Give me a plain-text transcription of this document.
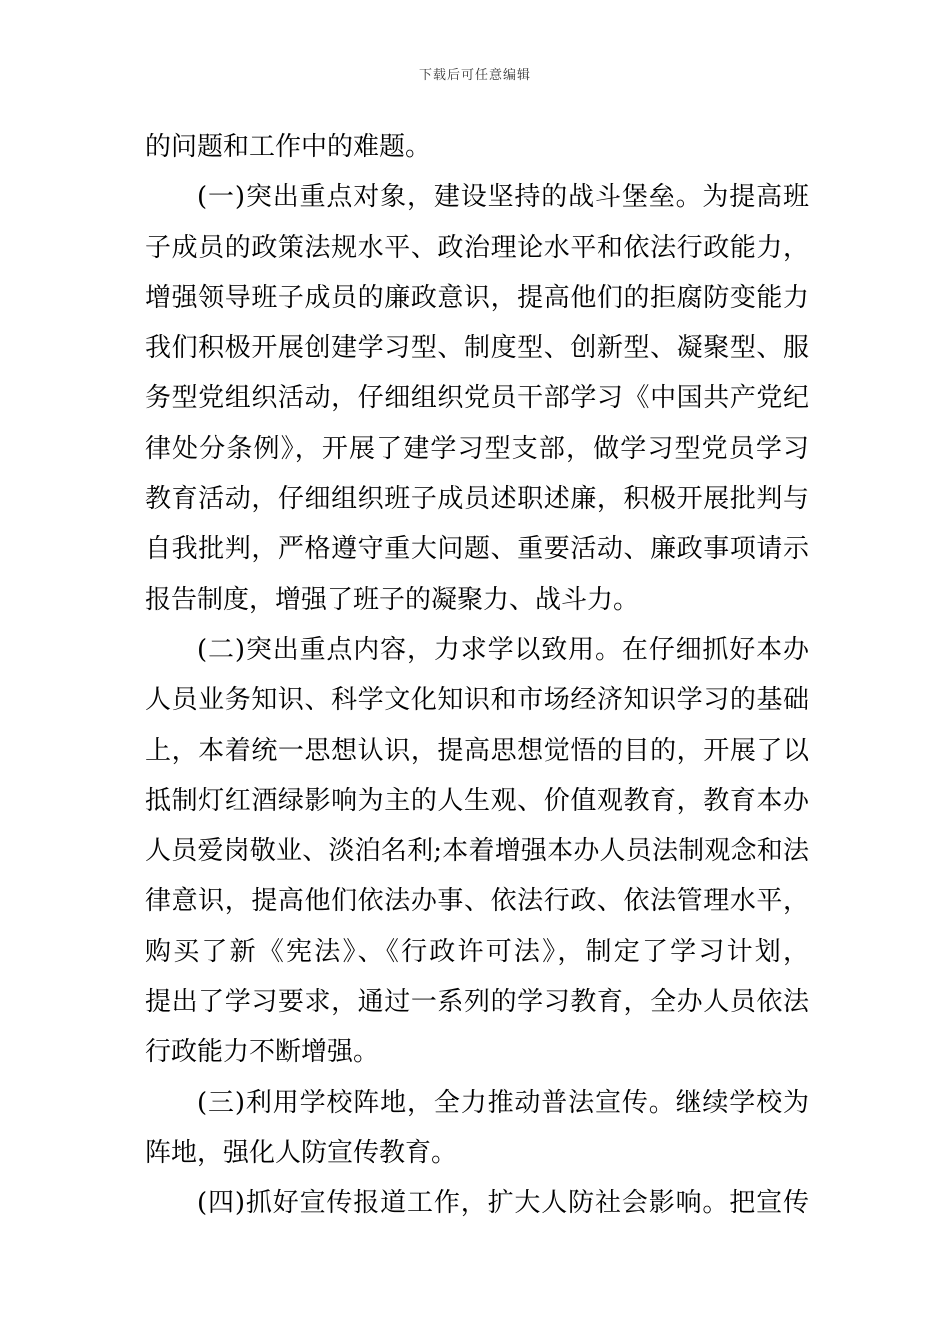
下载后可任意编辑
的问题和工作中的难题。
(一)突出重点对象，建设坚持的战斗堡垒。为提高班
子成员的政策法规水平、政治理论水平和依法行政能力，
增强领导班子成员的廉政意识，提高他们的拒腐防变能力
我们积极开展创建学习型、制度型、创新型、凝聚型、服
务型党组织活动，仔细组织党员干部学习《中国共产党纪
律处分条例》，开展了建学习型支部，做学习型党员学习
教育活动，仔细组织班子成员述职述廉，积极开展批判与
自我批判，严格遵守重大问题、重要活动、廉政事项请示
报告制度，增强了班子的凝聚力、战斗力。
(二)突出重点内容，力求学以致用。在仔细抓好本办
人员业务知识、科学文化知识和市场经济知识学习的基础
上，本着统一思想认识，提高思想觉悟的目的，开展了以
抵制灯红酒绿影响为主的人生观、价值观教育，教育本办
人员爱岗敬业、淡泊名利;本着增强本办人员法制观念和法
律意识，提高他们依法办事、依法行政、依法管理水平，
购买了新《宪法》、《行政许可法》，制定了学习计划，
提出了学习要求，通过一系列的学习教育，全办人员依法
行政能力不断增强。
(三)利用学校阵地，全力推动普法宣传。继续学校为
阵地，强化人防宣传教育。
(四)抓好宣传报道工作，扩大人防社会影响。把宣传
